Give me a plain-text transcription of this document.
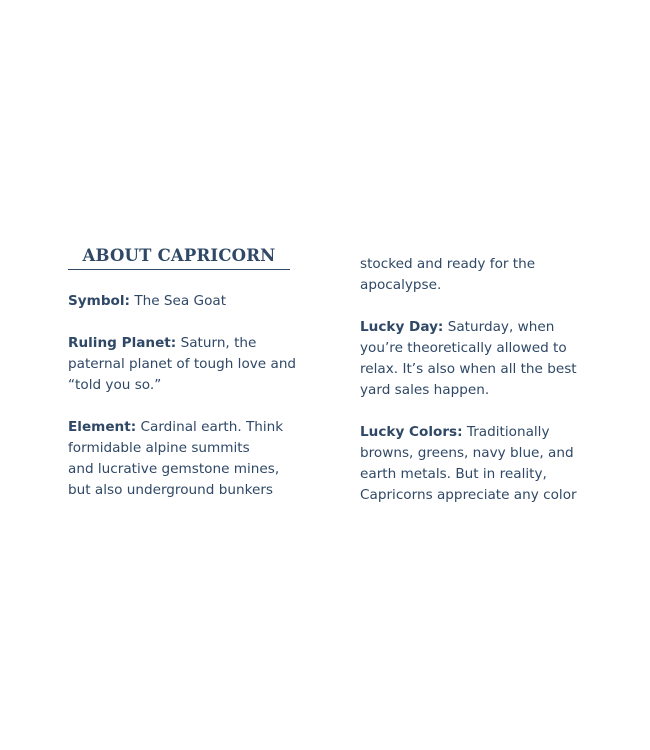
ABOUT CAPRICORN

Symbol: The Sea Goat

Ruling Planet: Saturn, the
paternal planet of tough love and
“told you so.”

Element: Cardinal earth. Think
formidable alpine summits
and lucrative gemstone mines,
but also underground bunkers

stocked and ready for the
apocalypse.

Lucky Day: Saturday, when
you’re theoretically allowed to
relax. It’s also when all the best
yard sales happen.

Lucky Colors: Traditionally
browns, greens, navy blue, and
earth metals. But in reality,
Capricorns appreciate any color
